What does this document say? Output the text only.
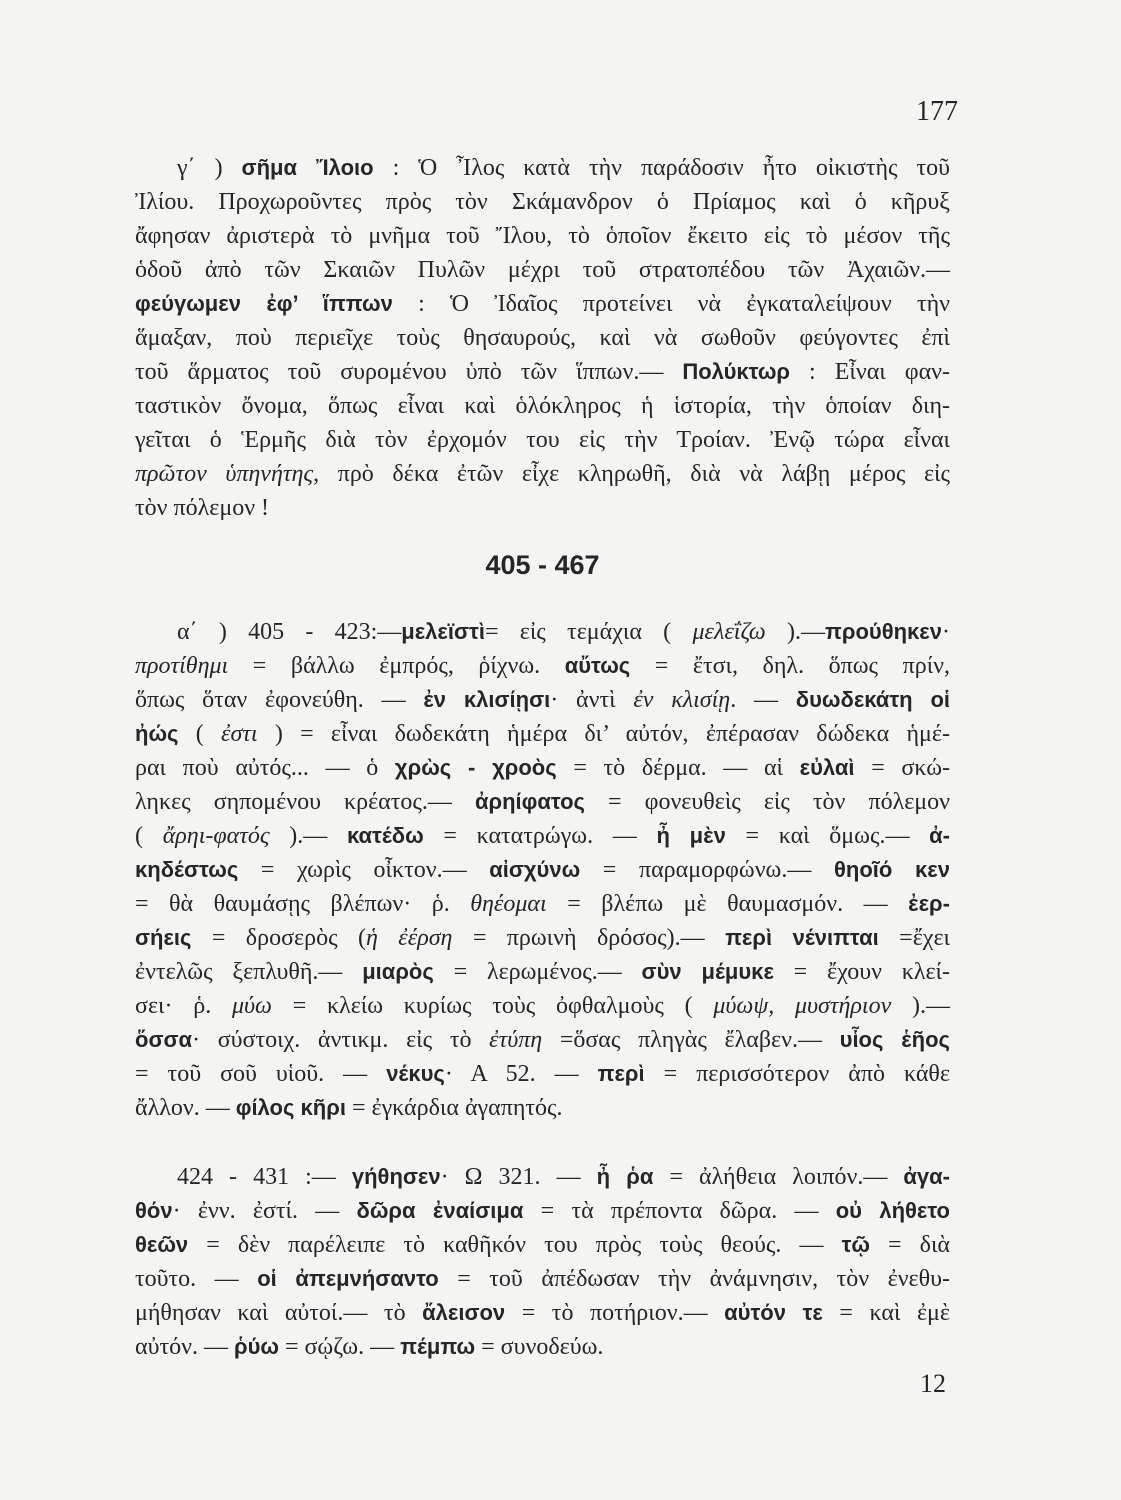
177
γ΄ ) σῆμα Ἴλοιο : Ὁ Ἶλος κατὰ τὴν παράδοσιν ἦτο οἰκιστὴς τοῦ
Ἰλίου. Προχωροῦντες πρὸς τὸν Σκάμανδρον ὁ Πρίαμος καὶ ὁ κῆρυξ
ἄφησαν ἀριστερὰ τὸ μνῆμα τοῦ Ἴλου, τὸ ὁποῖον ἔκειτο εἰς τὸ μέσον τῆς
ὁδοῦ ἀπὸ τῶν Σκαιῶν Πυλῶν μέχρι τοῦ στρατοπέδου τῶν Ἀχαιῶν.—
φεύγωμεν ἐφ’ ἵππων : Ὁ Ἰδαῖος προτείνει νὰ ἐγκαταλείψουν τὴν
ἅμαξαν, ποὺ περιεῖχε τοὺς θησαυρούς, καὶ νὰ σωθοῦν φεύγοντες ἐπὶ
τοῦ ἅρματος τοῦ συρομένου ὑπὸ τῶν ἵππων.— Πολύκτωρ : Εἶναι φαν-
ταστικὸν ὄνομα, ὅπως εἶναι καὶ ὁλόκληρος ἡ ἱστορία, τὴν ὁποίαν διη-
γεῖται ὁ Ἑρμῆς διὰ τὸν ἐρχομόν του εἰς τὴν Τροίαν. Ἐνῷ τώρα εἶναι
πρῶτον ὑπηνήτης, πρὸ δέκα ἐτῶν εἶχε κληρωθῆ, διὰ νὰ λάβῃ μέρος εἰς
τὸν πόλεμον !
405 - 467
α΄ ) 405 - 423:—μελεϊστὶ= εἰς τεμάχια ( μελεΐζω ).—προύθηκεν·
προτίθημι = βάλλω ἐμπρός, ῥίχνω. αὔτως = ἔτσι, δηλ. ὅπως πρίν,
ὅπως ὅταν ἐφονεύθη. — ἐν κλισίῃσι· ἀντὶ ἐν κλισίῃ. — δυωδεκάτη οἱ
ἠώς ( ἐστι ) = εἶναι δωδεκάτη ἡμέρα δι’ αὐτόν, ἐπέρασαν δώδεκα ἡμέ-
ραι ποὺ αὐτός... — ὁ χρὼς - χροὸς = τὸ δέρμα. — αἱ εὐλαὶ = σκώ-
ληκες σηπομένου κρέατος.— ἀρηίφατος = φονευθεὶς εἰς τὸν πόλεμον
( ἄρηι-φατός ).— κατέδω = κατατρώγω. — ἦ μὲν = καὶ ὅμως.— ἀ-
κηδέστως = χωρὶς οἶκτον.— αἰσχύνω = παραμορφώνω.— θηοῖό κεν
= θὰ θαυμάσῃς βλέπων· ῥ. θηέομαι = βλέπω μὲ θαυμασμόν. — ἐερ-
σήεις = δροσερὸς (ἡ ἐέρση = πρωινὴ δρόσος).— περὶ νένιπται =ἔχει
ἐντελῶς ξεπλυθῆ.— μιαρὸς = λερωμένος.— σὺν μέμυκε = ἔχουν κλεί-
σει· ῥ. μύω = κλείω κυρίως τοὺς ὀφθαλμοὺς ( μύωψ, μυστήριον ).—
ὅσσα· σύστοιχ. ἀντικμ. εἰς τὸ ἐτύπη =ὅσας πληγὰς ἔλαβεν.— υἷος ἑῆος
= τοῦ σοῦ υἱοῦ. — νέκυς· Α 52. — περὶ = περισσότερον ἀπὸ κάθε
ἄλλον. — φίλος κῆρι = ἐγκάρδια ἀγαπητός.
424 - 431 :— γήθησεν· Ω 321. — ἦ ῥα = ἀλήθεια λοιπόν.— ἀγα-
θόν· ἐνν. ἐστί. — δῶρα ἐναίσιμα = τὰ πρέποντα δῶρα. — οὐ λήθετο
θεῶν = δὲν παρέλειπε τὸ καθῆκόν του πρὸς τοὺς θεούς. — τῷ = διὰ
τοῦτο. — οἱ ἀπεμνήσαντο = τοῦ ἀπέδωσαν τὴν ἀνάμνησιν, τὸν ἐνεθυ-
μήθησαν καὶ αὐτοί.— τὸ ἄλεισον = τὸ ποτήριον.— αὐτόν τε = καὶ ἐμὲ
αὐτόν. — ῥύω = σῴζω. — πέμπω = συνοδεύω.
12
